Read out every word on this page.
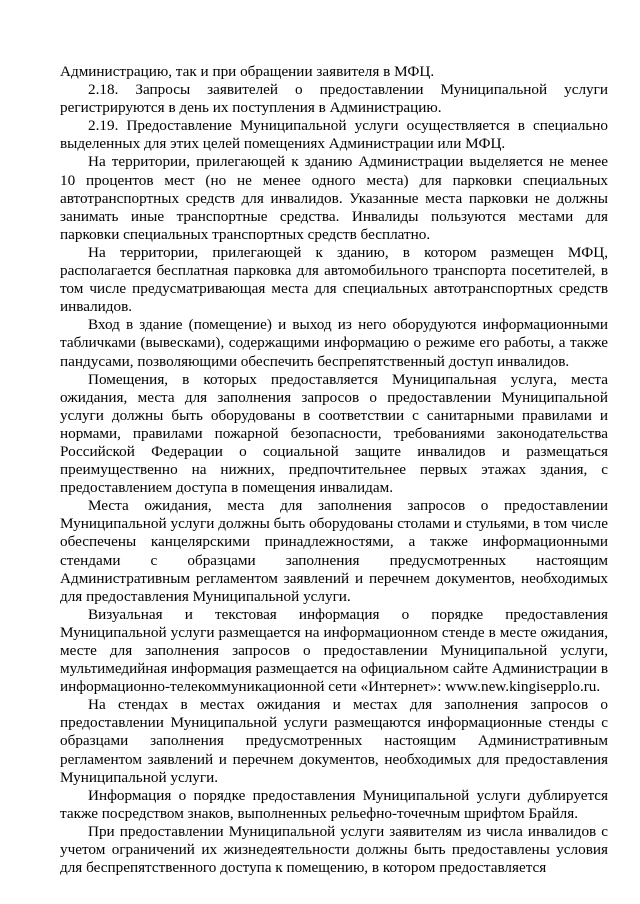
Администрацию, так и при обращении заявителя в МФЦ.

2.18. Запросы заявителей о предоставлении Муниципальной услуги регистрируются в день их поступления в Администрацию.

2.19. Предоставление Муниципальной услуги осуществляется в специально выделенных для этих целей помещениях Администрации или МФЦ.

На территории, прилегающей к зданию Администрации выделяется не менее 10 процентов мест (но не менее одного места) для парковки специальных автотранспортных средств для инвалидов. Указанные места парковки не должны занимать иные транспортные средства. Инвалиды пользуются местами для парковки специальных транспортных средств бесплатно.

На территории, прилегающей к зданию, в котором размещен МФЦ, располагается бесплатная парковка для автомобильного транспорта посетителей, в том числе предусматривающая места для специальных автотранспортных средств инвалидов.

Вход в здание (помещение) и выход из него оборудуются информационными табличками (вывесками), содержащими информацию о режиме его работы, а также пандусами, позволяющими обеспечить беспрепятственный доступ инвалидов.

Помещения, в которых предоставляется Муниципальная услуга, места ожидания, места для заполнения запросов о предоставлении Муниципальной услуги должны быть оборудованы в соответствии с санитарными правилами и нормами, правилами пожарной безопасности, требованиями законодательства Российской Федерации о социальной защите инвалидов и размещаться преимущественно на нижних, предпочтительнее первых этажах здания, с предоставлением доступа в помещения инвалидам.

Места ожидания, места для заполнения запросов о предоставлении Муниципальной услуги должны быть оборудованы столами и стульями, в том числе обеспечены канцелярскими принадлежностями, а также информационными стендами с образцами заполнения предусмотренных настоящим Административным регламентом заявлений и перечнем документов, необходимых для предоставления Муниципальной услуги.

Визуальная и текстовая информация о порядке предоставления Муниципальной услуги размещается на информационном стенде в месте ожидания, месте для заполнения запросов о предоставлении Муниципальной услуги, мультимедийная информация размещается на официальном сайте Администрации в информационно-телекоммуникационной сети «Интернет»: www.new.kingisepplo.ru.

На стендах в местах ожидания и местах для заполнения запросов о предоставлении Муниципальной услуги размещаются информационные стенды с образцами заполнения предусмотренных настоящим Административным регламентом заявлений и перечнем документов, необходимых для предоставления Муниципальной услуги.

Информация о порядке предоставления Муниципальной услуги дублируется также посредством знаков, выполненных рельефно-точечным шрифтом Брайля.

При предоставлении Муниципальной услуги заявителям из числа инвалидов с учетом ограничений их жизнедеятельности должны быть предоставлены условия для беспрепятственного доступа к помещению, в котором предоставляется
